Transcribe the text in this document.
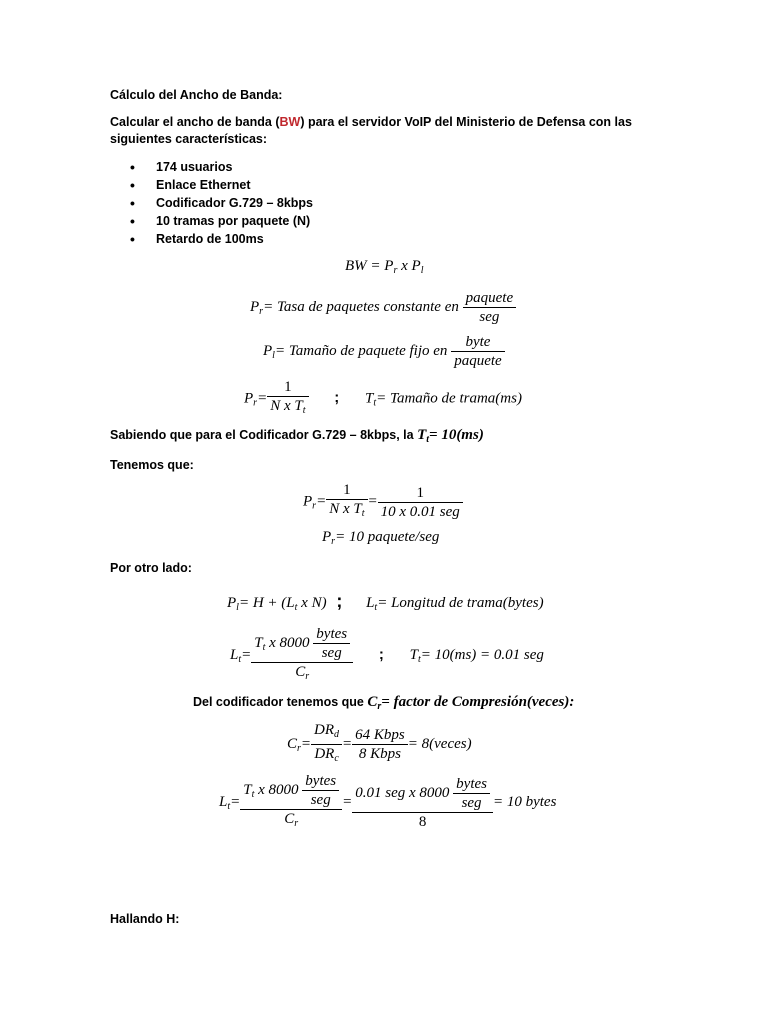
Cálculo del Ancho de Banda:
Calcular el ancho de banda (BW) para el servidor VoIP del Ministerio de Defensa con las
siguientes características:
• 174 usuarios
• Enlace Ethernet
• Codificador G.729 – 8kbps
• 10 tramas por paquete (N)
• Retardo de 100ms
BW = $P_r$ x $P_l$
$P_r=$ Tasa de paquetes constante en $\frac{\text{paquete}}{\text{seg}}$
$P_l=$ Tamaño de paquete fijo en $\frac{\text{byte}}{\text{paquete}}$
$P_r= \frac{1}{N x T_t}$ ; $T_t=$ Tamaño de trama(ms)
Sabiendo que para el Codificador G.729 – 8kbps, la $T_t= 10(ms)$
Tenemos que:
$P_r= \frac{1}{N x T_t} = \frac{1}{\text{10 x 0.01 seg}}$
$P_r= 10$ paquete/seg
Por otro lado:
$P_l= H + (L_t$ x N) ; $L_t=$ Longitud de trama(bytes)
$L_t= \frac{T_t x 8000 \frac{\text{bytes}}{\text{seg}}}{C_r}$ ; $T_t= 10(ms) = 0.01$ seg
Del codificador tenemos que $C_r=$ factor de Compresión(veces):
$C_r= \frac{DR_d}{DR_c} = \frac{\text{64 Kbps}}{\text{8 Kbps}}$ = 8(veces)
$L_t= \frac{T_t x 8000 \frac{\text{bytes}}{\text{seg}}}{C_r} = \frac{0.01 seg x 8000 \frac{\text{bytes}}{\text{seg}}}{8} = 10$ bytes
Hallando H:
